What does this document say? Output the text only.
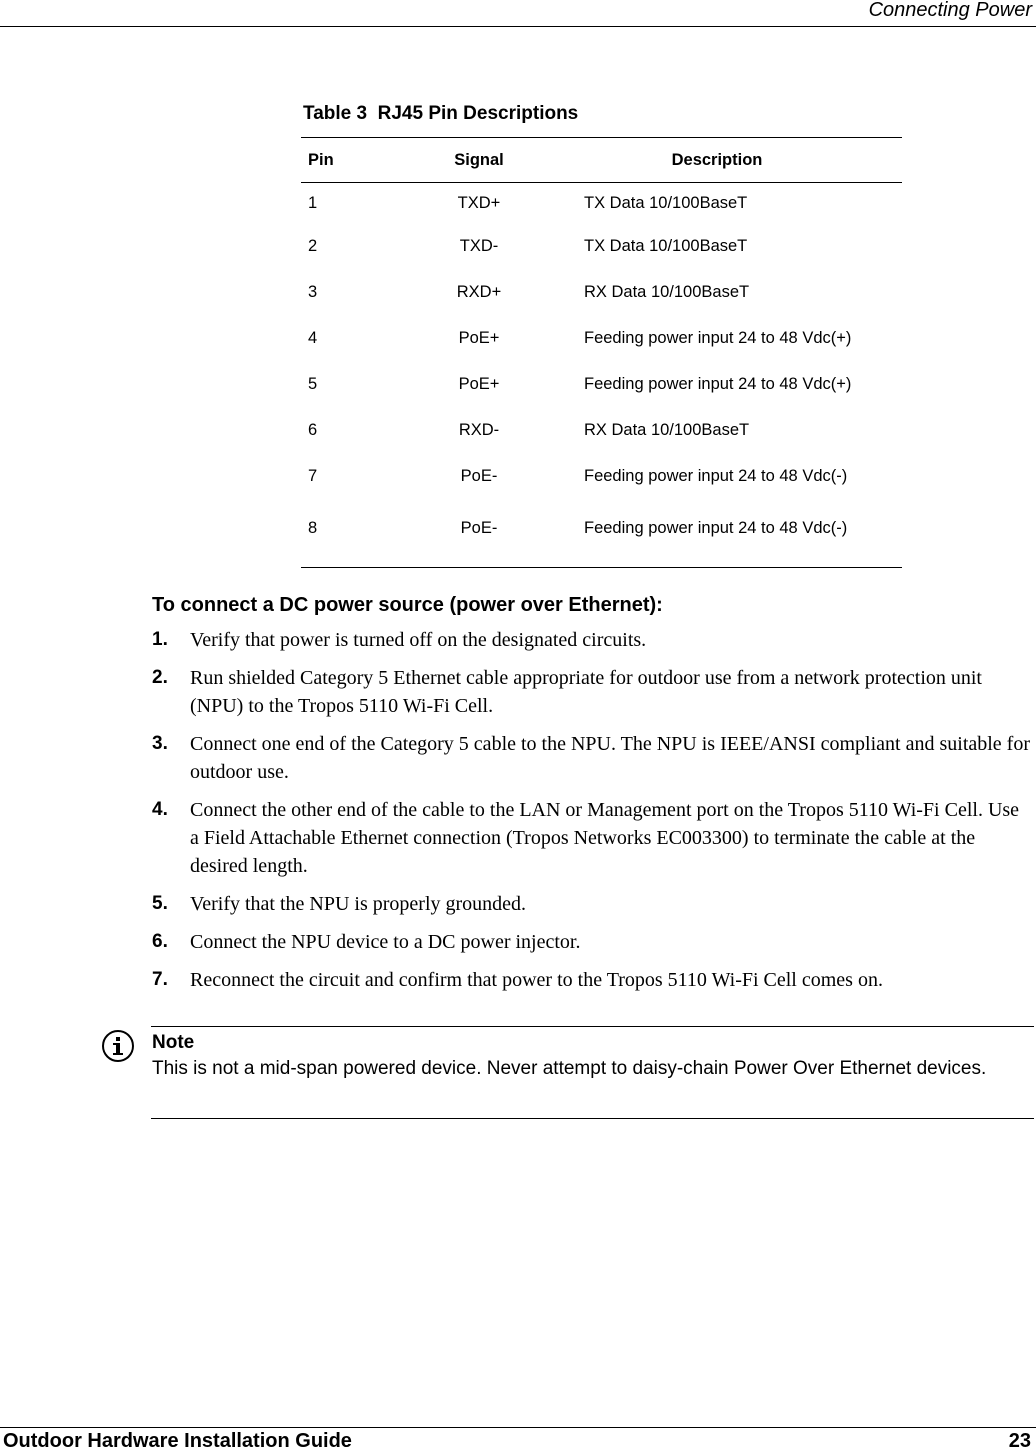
Connecting Power
Table 3 RJ45 Pin Descriptions
Pin	Signal	Description
1	TXD+	TX Data 10/100BaseT
2	TXD-	TX Data 10/100BaseT
3	RXD+	RX Data 10/100BaseT
4	PoE+	Feeding power input 24 to 48 Vdc(+)
5	PoE+	Feeding power input 24 to 48 Vdc(+)
6	RXD-	RX Data 10/100BaseT
7	PoE-	Feeding power input 24 to 48 Vdc(-)
8	PoE-	Feeding power input 24 to 48 Vdc(-)
To connect a DC power source (power over Ethernet):
1. Verify that power is turned off on the designated circuits.
2. Run shielded Category 5 Ethernet cable appropriate for outdoor use from a network protection unit (NPU) to the Tropos 5110 Wi-Fi Cell.
3. Connect one end of the Category 5 cable to the NPU. The NPU is IEEE/ANSI compliant and suitable for outdoor use.
4. Connect the other end of the cable to the LAN or Management port on the Tropos 5110 Wi-Fi Cell. Use a Field Attachable Ethernet connection (Tropos Networks EC003300) to terminate the cable at the desired length.
5. Verify that the NPU is properly grounded.
6. Connect the NPU device to a DC power injector.
7. Reconnect the circuit and confirm that power to the Tropos 5110 Wi-Fi Cell comes on.
Note
This is not a mid-span powered device. Never attempt to daisy-chain Power Over Ethernet devices.
Outdoor Hardware Installation Guide	23
